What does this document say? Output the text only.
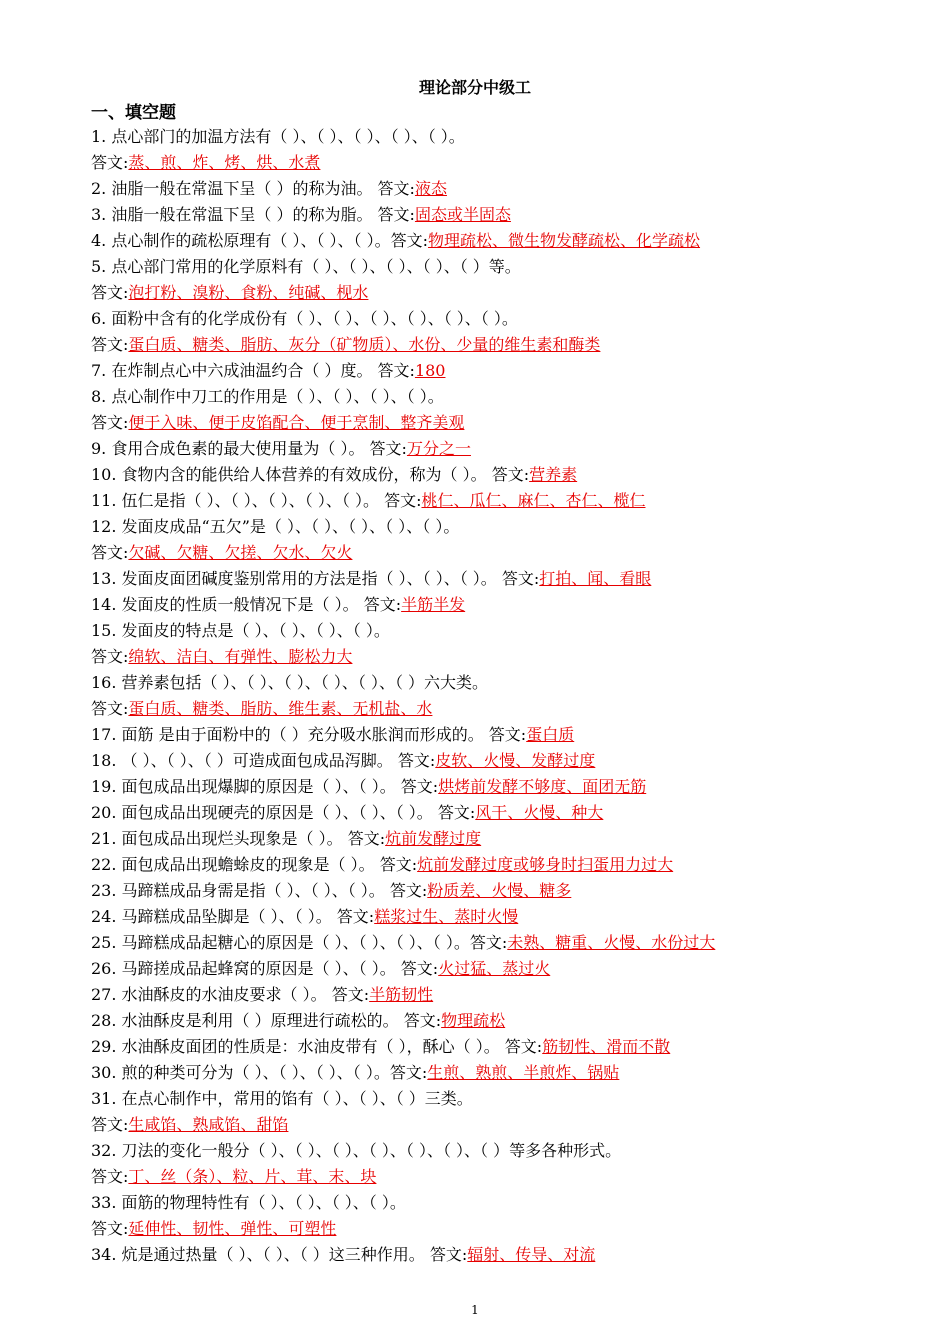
理论部分中级工
一、填空题
1. 点心部门的加温方法有（ ）、（ ）、（ ）、（ ）、（ ）。
答文:蒸、煎、炸、烤、烘、水煮
2. 油脂一般在常温下呈（ ）的称为油。 答文:液态
3. 油脂一般在常温下呈（ ）的称为脂。 答文:固态或半固态
4. 点心制作的疏松原理有（ ）、（ ）、（ ）。答文:物理疏松、微生物发酵疏松、化学疏松
5. 点心部门常用的化学原料有（ ）、（ ）、（ ）、（ ）、（ ）等。
答文:泡打粉、溴粉、食粉、纯碱、枧水
6. 面粉中含有的化学成份有（ ）、（ ）、（ ）、（ ）、（ ）、（ ）。
答文:蛋白质、糖类、脂肪、灰分（矿物质）、水份、少量的维生素和酶类
7. 在炸制点心中六成油温约合（ ）度。 答文:180
8. 点心制作中刀工的作用是（ ）、（ ）、（ ）、（ ）。
答文:便于入味、便于皮馅配合、便于烹制、整齐美观
9. 食用合成色素的最大使用量为（ ）。 答文:万分之一
10. 食物内含的能供给人体营养的有效成份，称为（ ）。 答文:营养素
11. 伍仁是指（ ）、（ ）、（ ）、（ ）、（ ）。 答文:桃仁、瓜仁、麻仁、杏仁、榄仁
12. 发面皮成品“五欠”是（ ）、（ ）、（ ）、（ ）、（ ）。
答文:欠碱、欠糖、欠搓、欠水、欠火
13. 发面皮面团碱度鉴别常用的方法是指（ ）、（ ）、（ ）。 答文:打拍、闻、看眼
14. 发面皮的性质一般情况下是（ ）。 答文:半筋半发
15. 发面皮的特点是（ ）、（ ）、（ ）、（ ）。
答文:绵软、洁白、有弹性、膨松力大
16. 营养素包括（ ）、（ ）、（ ）、（ ）、（ ）、（ ）六大类。
答文:蛋白质、糖类、脂肪、维生素、无机盐、水
17. 面筋 是由于面粉中的（ ）充分吸水胀润而形成的。 答文:蛋白质
18. （ ）、（ ）、（ ）可造成面包成品泻脚。 答文:皮软、火慢、发酵过度
19. 面包成品出现爆脚的原因是（ ）、（ ）。 答文:烘烤前发酵不够度、面团无筋
20. 面包成品出现硬壳的原因是（ ）、（ ）、（ ）。 答文:风干、火慢、种大
21. 面包成品出现烂头现象是（ ）。 答文:炕前发酵过度
22. 面包成品出现蟾蜍皮的现象是（ ）。 答文:炕前发酵过度或够身时扫蛋用力过大
23. 马蹄糕成品身需是指（ ）、（ ）、（ ）。 答文:粉质差、火慢、糖多
24. 马蹄糕成品坠脚是（ ）、（ ）。 答文:糕浆过生、蒸时火慢
25. 马蹄糕成品起糖心的原因是（ ）、（ ）、（ ）、（ ）。答文:未熟、糖重、火慢、水份过大
26. 马蹄搓成品起蜂窝的原因是（ ）、（ ）。 答文:火过猛、蒸过火
27. 水油酥皮的水油皮要求（ ）。 答文:半筋韧性
28. 水油酥皮是利用（ ）原理进行疏松的。 答文:物理疏松
29. 水油酥皮面团的性质是：水油皮带有（ ），酥心（ ）。 答文:筋韧性、滑而不散
30. 煎的种类可分为（ ）、（ ）、（ ）、（ ）。答文:生煎、熟煎、半煎炸、锅贴
31. 在点心制作中，常用的馅有（ ）、（ ）、（ ）三类。
答文:生咸馅、熟咸馅、甜馅
32. 刀法的变化一般分（ ）、（ ）、（ ）、（ ）、（ ）、（ ）、（ ）等多各种形式。
答文:丁、丝（条）、粒、片、茸、末、块
33. 面筋的物理特性有（ ）、（ ）、（ ）、（ ）。
答文:延伸性、韧性、弹性、可塑性
34. 炕是通过热量（ ）、（ ）、（ ）这三种作用。 答文:辐射、传导、对流
1
